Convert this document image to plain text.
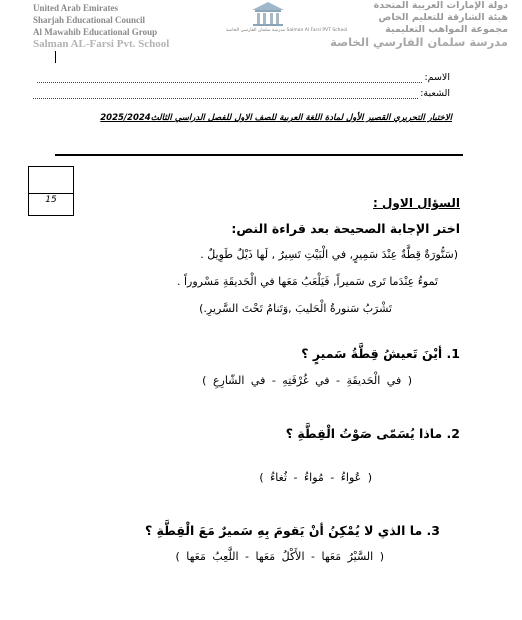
United Arab Emirates
Sharjah Educational Council
Al Mawahib Educational Group
Salman AL-Farsi Pvt. School
مدرسة سلمان الفارسي الخاصة Salman Al Farsi PVT School
دولة الإمارات العربية المتحدة
هيئة الشارقة للتعليم الخاص
مجموعة المواهب التعليمية
مدرسة سلمان الفارسي الخاصة
الاسم:
الشعبة:
الاختبار التحريري القصير الأول لمادة اللغة العربية للصف الاول للفصل الدراسي الثالث2025/2024
15	السؤال الاول :
اختر الإجابة الصحيحة بعد قراءة النص:
(سَنُّورَةٌ قِطَّةٌ عِنْدَ سَمِيرٍ, في الْبَيْتِ تَسِيرُ , لَها ذَيْلٌ طَوِيلٌ .
تَموءُ عِنْدَما تَرى سَميراً, فَيَلْعَبُ مَعَها في الْحَديقَةِ مَسْروراً .
تَشْرَبُ سَنورةُ الْحَليبَ ,وَتَنامُ تَحْتَ السَّريرِ.)
1. أيْنَ تَعيشُ قِطَّةُ سَميرٍ ؟
( في الْحَديقَةِ - في غُرْفَتِهِ - في الشّارِعِ )
2. ماذا يُسَمّى صَوْتُ الْقِطَّةِ ؟
( عُواءُ - مُواءُ - ثُغاءُ )
3. ما الذي لا يُمْكِنُ أنْ يَقومَ بِهِ سَميرٌ مَعَ الْقِطَّةِ ؟
( السَّيْرُ مَعَها - الأَكْلُ مَعَها - اللَّعِبُ مَعَها )
